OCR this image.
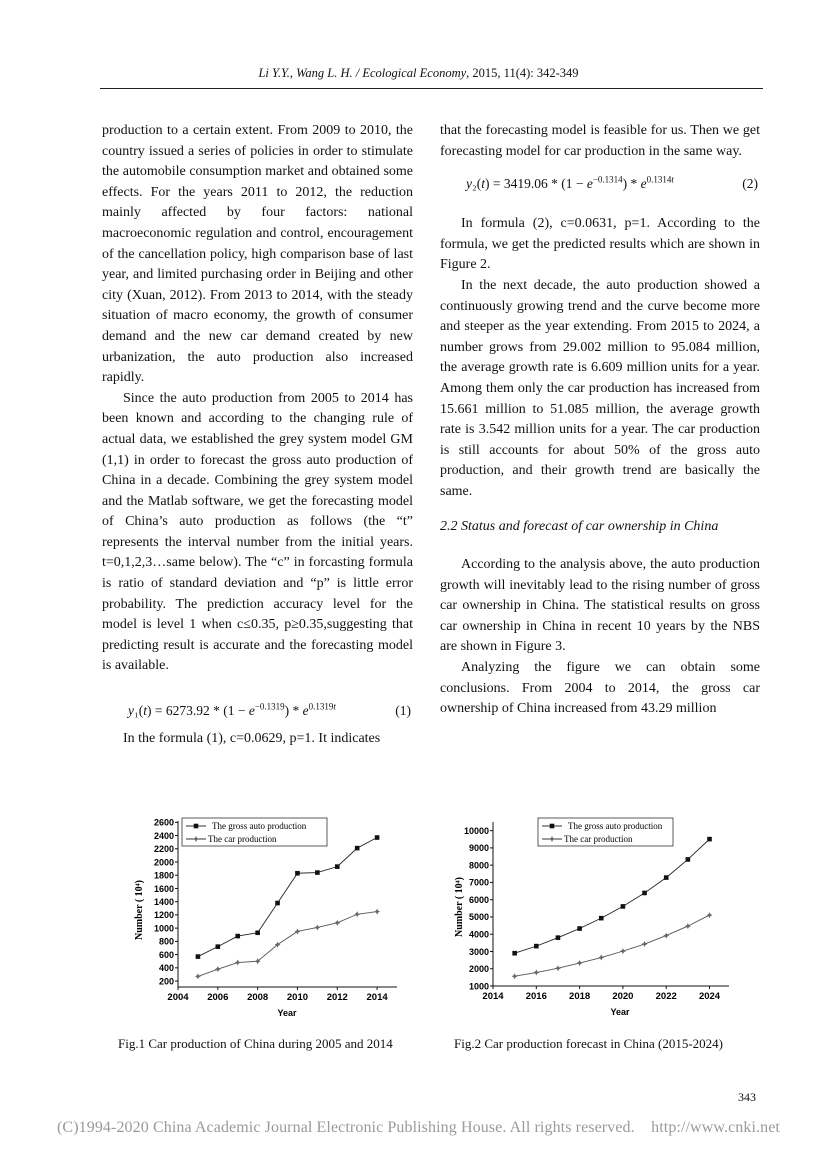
Li Y.Y., Wang L. H. / Ecological Economy, 2015, 11(4): 342-349

production to a certain extent. From 2009 to 2010, the country issued a series of policies in order to stimulate the automobile consumption market and obtained some effects. For the years 2011 to 2012, the reduction mainly affected by four factors: national macroeconomic regulation and control, encouragement of the cancellation policy, high comparison base of last year, and limited purchasing order in Beijing and other city (Xuan, 2012). From 2013 to 2014, with the steady situation of macro economy, the growth of consumer demand and the new car demand created by new urbanization, the auto production also increased rapidly.

Since the auto production from 2005 to 2014 has been known and according to the changing rule of actual data, we established the grey system model GM (1,1) in order to forecast the gross auto production of China in a decade. Combining the grey system model and the Matlab software, we get the forecasting model of China’s auto production as follows (the “t” represents the interval number from the initial years. t=0,1,2,3…same below). The “c” in forcasting formula is ratio of standard deviation and “p” is little error probability. The prediction accuracy level for the model is level 1 when c≤0.35, p≥0.35,suggesting that predicting result is accurate and the forecasting model is available.

$y_1(t) = 6273.92 * (1 - e^{-0.1319}) * e^{0.1319t}$	(1)

In the formula (1), c=0.0629, p=1. It indicates

that the forecasting model is feasible for us. Then we get forecasting model for car production in the same way.

$y_2(t) = 3419.06 * (1 - e^{-0.1314}) * e^{0.1314t}$	(2)

In formula (2), c=0.0631, p=1. According to the formula, we get the predicted results which are shown in Figure 2.

In the next decade, the auto production showed a continuously growing trend and the curve become more and steeper as the year extending. From 2015 to 2024, a number grows from 29.002 million to 95.084 million, the average growth rate is 6.609 million units for a year. Among them only the car production has increased from 15.661 million to 51.085 million, the average growth rate is 3.542 million units for a year. The car production is still accounts for about 50% of the gross auto production, and their growth trend are basically the same.

2.2 Status and forecast of car ownership in China

According to the analysis above, the auto production growth will inevitably lead to the rising number of gross car ownership in China. The statistical results on gross car ownership in China in recent 10 years by the NBS are shown in Figure 3.

Analyzing the figure we can obtain some conclusions. From 2004 to 2014, the gross car ownership of China increased from 43.29 million

2004 2006 2008 2010 2012 2014
200
400
600
800
1000
1200
1400
1600
1800
2000
2200
2400
2600	The gross auto production
The car production
Number ( 10⁴)
Year
2014 2016 2018 2020 2022 2024
1000
2000
3000
4000
5000
6000
7000
8000
9000
10000	The gross auto production
The car production
Number ( 10⁴)
Year
Fig.1 Car production of China during 2005 and 2014	Fig.2 Car production forecast in China (2015-2024)
343
(C)1994-2020 China Academic Journal Electronic Publishing House. All rights reserved.    http://www.cnki.net
